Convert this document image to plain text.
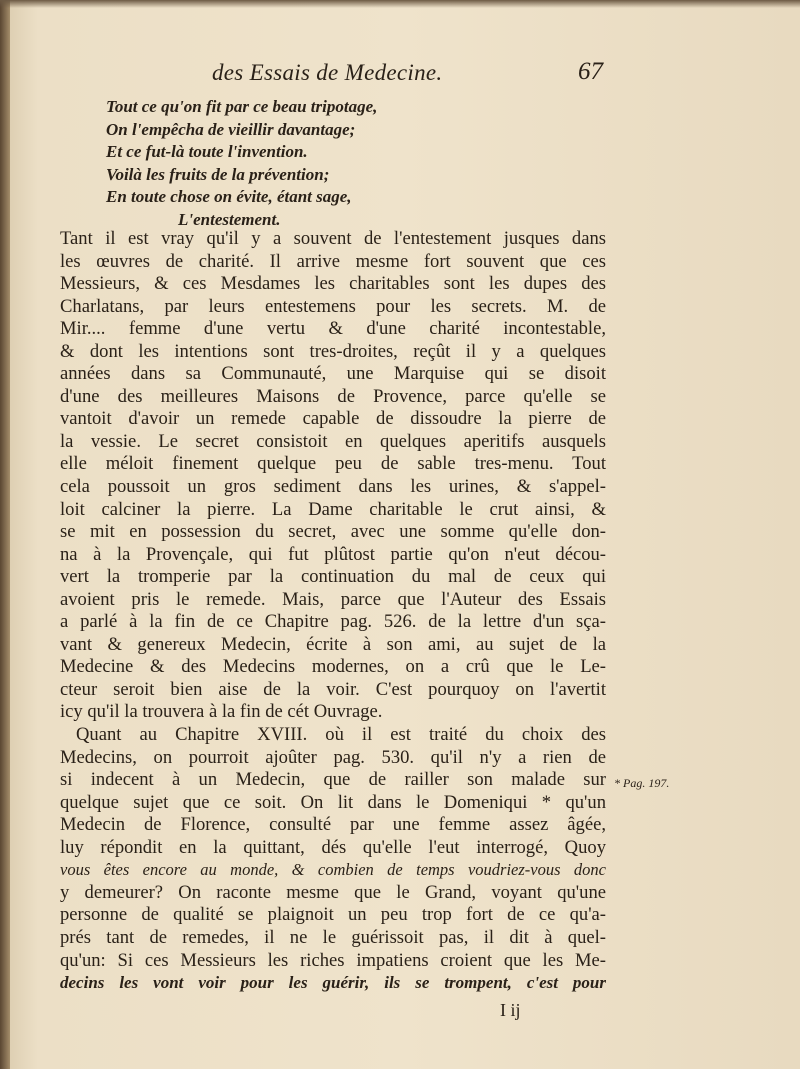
des Essais de Medecine.	67
Tout ce qu'on fit par ce beau tripotage,
On l'empêcha de vieillir davantage;
Et ce fut-là toute l'invention.
Voilà les fruits de la prévention;
En toute chose on évite, étant sage,
L'entestement.
Tant il est vray qu'il y a souvent de l'entestement jusques dans
les œuvres de charité. Il arrive mesme fort souvent que ces
Messieurs, & ces Mesdames les charitables sont les dupes des
Charlatans, par leurs entestemens pour les secrets. M. de
Mir.... femme d'une vertu & d'une charité incontestable,
& dont les intentions sont tres-droites, reçût il y a quelques
années dans sa Communauté, une Marquise qui se disoit
d'une des meilleures Maisons de Provence, parce qu'elle se
vantoit d'avoir un remede capable de dissoudre la pierre de
la vessie. Le secret consistoit en quelques aperitifs ausquels
elle méloit finement quelque peu de sable tres-menu. Tout
cela poussoit un gros sediment dans les urines, & s'appel-
loit calciner la pierre. La Dame charitable le crut ainsi, &
se mit en possession du secret, avec une somme qu'elle don-
na à la Provençale, qui fut plûtost partie qu'on n'eut décou-
vert la tromperie par la continuation du mal de ceux qui
avoient pris le remede. Mais, parce que l'Auteur des Essais
a parlé à la fin de ce Chapitre pag. 526. de la lettre d'un sça-
vant & genereux Medecin, écrite à son ami, au sujet de la
Medecine & des Medecins modernes, on a crû que le Le-
cteur seroit bien aise de la voir. C'est pourquoy on l'avertit
icy qu'il la trouvera à la fin de cét Ouvrage.
Quant au Chapitre XVIII. où il est traité du choix des
Medecins, on pourroit ajoûter pag. 530. qu'il n'y a rien de
si indecent à un Medecin, que de railler son malade sur
quelque sujet que ce soit. On lit dans le Domeniqui * qu'un
Medecin de Florence, consulté par une femme assez âgée,
luy répondit en la quittant, dés qu'elle l'eut interrogé, Quoy
vous êtes encore au monde, & combien de temps voudriez-vous donc
y demeurer? On raconte mesme que le Grand, voyant qu'une
personne de qualité se plaignoit un peu trop fort de ce qu'a-
prés tant de remedes, il ne le guérissoit pas, il dit à quel-
qu'un: Si ces Messieurs les riches impatiens croient que les Me-
decins les vont voir pour les guérir, ils se trompent, c'est pour
* Pag. 197.
I ij
